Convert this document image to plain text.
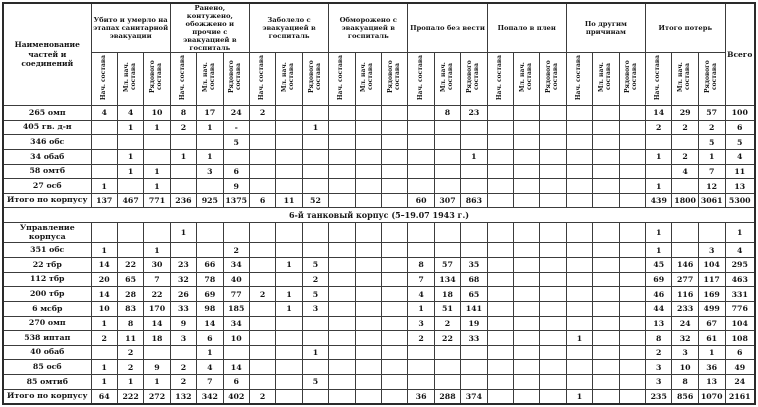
Наименование частей и соединений	Убито и умерло на этапах санитарной эвакуации			Ранено, контужено, обожжено и прочие с эвакуацией в госпиталь			Заболело с эвакуацией в госпиталь			Обморожено с эвакуацией в госпиталь			Пропало без вести			Попало в плен			По другим причинам			Итого потерь			Всего
	Нач. состава	Мл. нач. состава	Рядового состава	Нач. состава	Мл. нач. состава	Рядового состава	Нач. состава	Мл. нач. состава	Рядового состава	Нач. состава	Мл. нач. состава	Рядового состава	Нач. состава	Мл. нач. состава	Рядового состава	Нач. состава	Мл. нач. состава	Рядового состава	Нач. состава	Мл. нач. состава	Рядового состава	Нач. состава	Мл. нач. состава	Рядового состава	
265 омп	4	4	10	8	17	24	2							8	23							14	29	57	100
405 гв. д-н		1	1	2	1	-			1													2	2	2	6
346 обс						5																		5	5
34 обаб		1		1	1										1							1	2	1	4
58 омтб		1	1		3	6																	4	7	11
27 осб	1		1			9																1		12	13
Итого по корпусу	137	467	771	236	925	1375	6	11	52				60	307	863							439	1800	3061	5300
6-й танковый корпус (5–19.07 1943 г.)																									
Управление корпуса				1																		1			1
351 обс	1		1			2																1		3	4
22 тбр	14	22	30	23	66	34		1	5				8	57	35							45	146	104	295
112 тбр	20	65	7	32	78	40			2				7	134	68							69	277	117	463
200 тбр	14	28	22	26	69	77	2	1	5				4	18	65							46	116	169	331
6 мсбр	10	83	170	33	98	185		1	3				1	51	141							44	233	499	776
270 омп	1	8	14	9	14	34							3	2	19							13	24	67	104
538 иптап	2	11	18	3	6	10							2	22	33				1			8	32	61	108
40 обаб		2			1				1													2	3	1	6
85 осб	1	2	9	2	4	14																3	10	36	49
85 омтиб	1	1	1	2	7	6			5													3	8	13	24
Итого по корпусу	64	222	272	132	342	402	2						36	288	374				1			235	856	1070	2161
